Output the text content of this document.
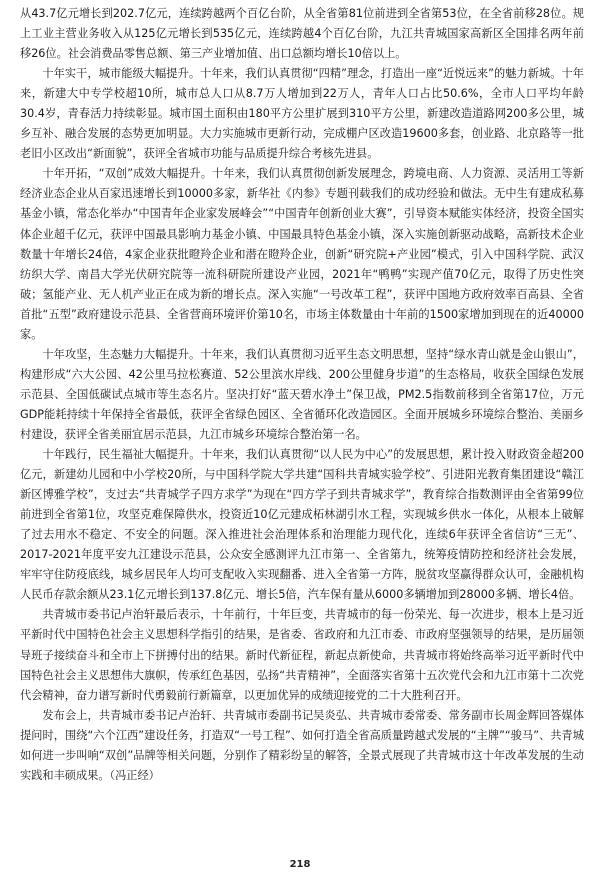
从43.7亿元增长到202.7亿元，连续跨越两个百亿台阶，从全省第81位前进到全省第53位，在全省前移28位。规上工业主营业务收入从125亿元增长到535亿元，连续跨越4个百亿台阶，九江共青城国家高新区全国排名两年前移26位。社会消费品零售总额、第三产业增加值、出口总额均增长10倍以上。

十年实干，城市能级大幅提升。十年来，我们认真贯彻“四精”理念，打造出一座“近悦远来”的魅力新城。十年来，新建大中专学校超10所，城市总人口从8.7万人增加到22万人，青年人口占比50.6%，全市人口平均年龄30.4岁，青春活力持续彰显。城市国土面积由180平方公里扩展到310平方公里，新建改造道路网200多公里，城乡互补、融合发展的态势更加明显。大力实施城市更新行动，完成棚户区改造19600多套，创业路、北京路等一批老旧小区改出“新面貌”，获评全省城市功能与品质提升综合考核先进县。

十年开拓，“双创”成效大幅提升。十年来，我们认真贯彻创新发展理念，跨境电商、人力资源、灵活用工等新经济业态企业从百家迅速增长到10000多家，新华社《内参》专题刊载我们的成功经验和做法。无中生有建成私募基金小镇，常态化举办“中国青年企业家发展峰会”“中国青年创新创业大赛”，引导资本赋能实体经济，投资全国实体企业超千亿元，获评中国最具影响力基金小镇、中国最具特色基金小镇，深入实施创新驱动战略，高新技术企业数量十年增长24倍，4家企业获批瞪羚企业和潜在瞪羚企业，创新“研究院+产业园”模式，引入中国科学院、武汉纺织大学、南昌大学光伏研究院等一流科研院所建设产业园，2021年“鸭鸭”实现产值70亿元，取得了历史性突破；氢能产业、无人机产业正在成为新的增长点。深入实施“一号改革工程”，获评中国地方政府效率百高县、全省首批“五型”政府建设示范县、全省营商环境评价第10名，市场主体数量由十年前的1500家增加到现在的近40000家。

十年攻坚，生态魅力大幅提升。十年来，我们认真贯彻习近平生态文明思想，坚持“绿水青山就是金山银山”，构建形成“六大公园、42公里马拉松赛道、52公里滨水岸线、200公里健身步道”的生态格局，收获全国绿色发展示范县、全国低碳试点城市等生态名片。坚决打好“蓝天碧水净土”保卫战，PM2.5指数前移到全省第17位，万元GDP能耗持续十年保持全省最低，获评全省绿色园区、全省循环化改造园区。全面开展城乡环境综合整治、美丽乡村建设，获评全省美丽宜居示范县，九江市城乡环境综合整治第一名。

十年践行，民生福祉大幅提升。十年来，我们认真贯彻“以人民为中心”的发展思想，累计投入财政资金超200亿元，新建幼儿园和中小学校20所，与中国科学院大学共建“国科共青城实验学校”、引进阳光教育集团建设“赣江新区博雅学校”，支过去“共青城学子四方求学”为现在“四方学子到共青城求学”，教育综合指数测评由全省第99位前进到全省第1位，攻坚克难保障供水，投资近10亿元建成柘林湖引水工程，实现城乡供水一体化，从根本上破解了过去用水不稳定、不安全的问题。深入推进社会治理体系和治理能力现代化，连续6年获评全省信访“三无”、2017-2021年度平安九江建设示范县，公众安全感测评九江市第一、全省第九，统筹疫情防控和经济社会发展，牢牢守住防疫底线，城乡居民年人均可支配收入实现翻番、进入全省第一方阵，脱贫攻坚赢得群众认可，金融机构人民币存款余额从23.1亿元增长到137.8亿元、增长5倍，汽车保有量从6000多辆增加到28000多辆、增长4倍。

共青城市委书记卢治轩最后表示，十年前行，十年巨变，共青城市的每一份荣光、每一次进步，根本上是习近平新时代中国特色社会主义思想科学指引的结果，是省委、省政府和九江市委、市政府坚强领导的结果，是历届领导班子接续奋斗和全市上下拼搏付出的结果。新时代新征程，新起点新使命，共青城市将始终高举习近平新时代中国特色社会主义思想伟大旗帜，传承红色基因，弘扬“共青精神”，全面落实省第十五次党代会和九江市第十二次党代会精神，奋力谱写新时代勇毅前行新篇章，以更加优异的成绩迎接党的二十大胜利召开。

发布会上，共青城市委书记卢治轩、共青城市委副书记吴炎弘、共青城市委常委、常务副市长周金辉回答媒体提问时，围绕“六个江西”建设任务，打造双“一号工程”、如何打造全省高质量跨越式发展的“主牌”“骏马”、共青城如何进一步叫响“双创”品牌等相关问题，分别作了精彩纷呈的解答，全景式展现了共青城市这十年改革发展的生动实践和丰硕成果。（冯正经）

218
